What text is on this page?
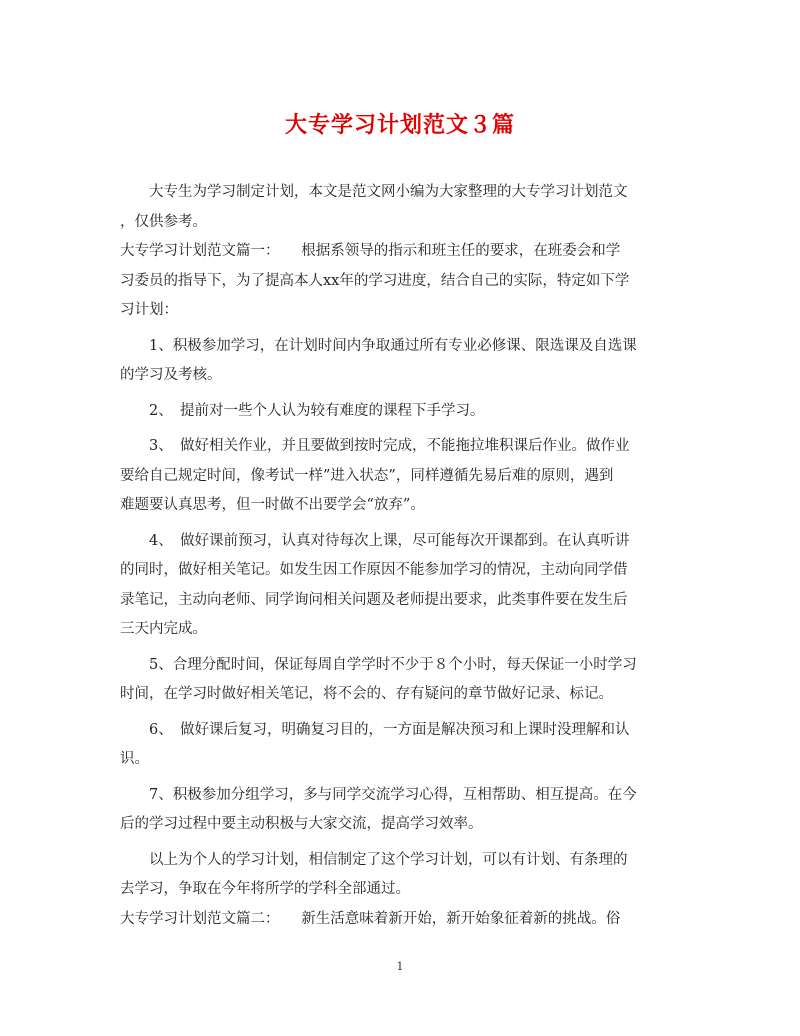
大专学习计划范文３篇
大专生为学习制定计划，本文是范文网小编为大家整理的大专学习计划范文
，仅供参考。
大专学习计划范文篇一：　　根据系领导的指示和班主任的要求，在班委会和学
习委员的指导下，为了提高本人xx年的学习进度，结合自己的实际，特定如下学
习计划：
1、积极参加学习，在计划时间内争取通过所有专业必修课、限选课及自选课
的学习及考核。
2、　提前对一些个人认为较有难度的课程下手学习。
3、　做好相关作业，并且要做到按时完成，不能拖拉堆积课后作业。做作业
要给自己规定时间，像考试一样”进入状态”，同样遵循先易后难的原则，遇到
难题要认真思考，但一时做不出要学会“放弃”。
4、　做好课前预习，认真对待每次上课，尽可能每次开课都到。在认真听讲
的同时，做好相关笔记。如发生因工作原因不能参加学习的情况，主动向同学借
录笔记，主动向老师、同学询问相关问题及老师提出要求，此类事件要在发生后
三天内完成。
5、合理分配时间，保证每周自学学时不少于８个小时，每天保证一小时学习
时间，在学习时做好相关笔记，将不会的、存有疑问的章节做好记录、标记。
6、　做好课后复习，明确复习目的，一方面是解决预习和上课时没理解和认
识。
7、积极参加分组学习，多与同学交流学习心得，互相帮助、相互提高。在今
后的学习过程中要主动积极与大家交流，提高学习效率。
以上为个人的学习计划，相信制定了这个学习计划，可以有计划、有条理的
去学习，争取在今年将所学的学科全部通过。
大专学习计划范文篇二：　　新生活意味着新开始，新开始象征着新的挑战。俗
1
